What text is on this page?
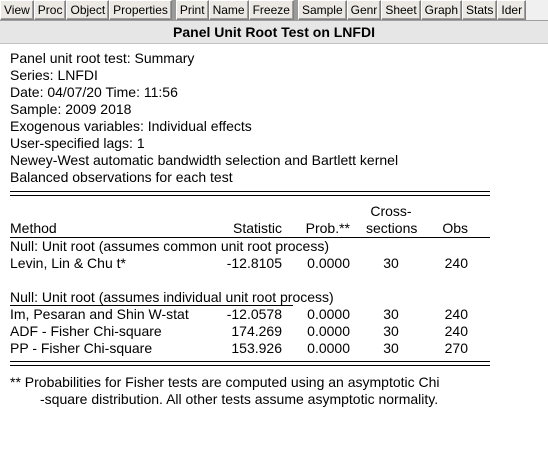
View Proc Object Properties	Print Name Freeze	Sample Genr Sheet Graph Stats Ider
Panel Unit Root Test on LNFDI
Panel unit root test: Summary
Series: LNFDI
Date: 04/07/20 Time: 11:56
Sample: 2009 2018
Exogenous variables: Individual effects
User-specified lags: 1
Newey-West automatic bandwidth selection and Bartlett kernel
Balanced observations for each test
Cross-
Method	Statistic Prob.** sections Obs
Null: Unit root (assumes common unit root process)
Levin, Lin & Chu t*	-12.8105 0.0000	30	240
Null: Unit root (assumes individual unit root process)
Im, Pesaran and Shin W-stat	-12.0578 0.0000	30	240
ADF - Fisher Chi-square	174.269 0.0000	30	240
PP - Fisher Chi-square	153.926 0.0000	30	270
** Probabilities for Fisher tests are computed using an asymptotic Chi
-square distribution. All other tests assume asymptotic normality.
